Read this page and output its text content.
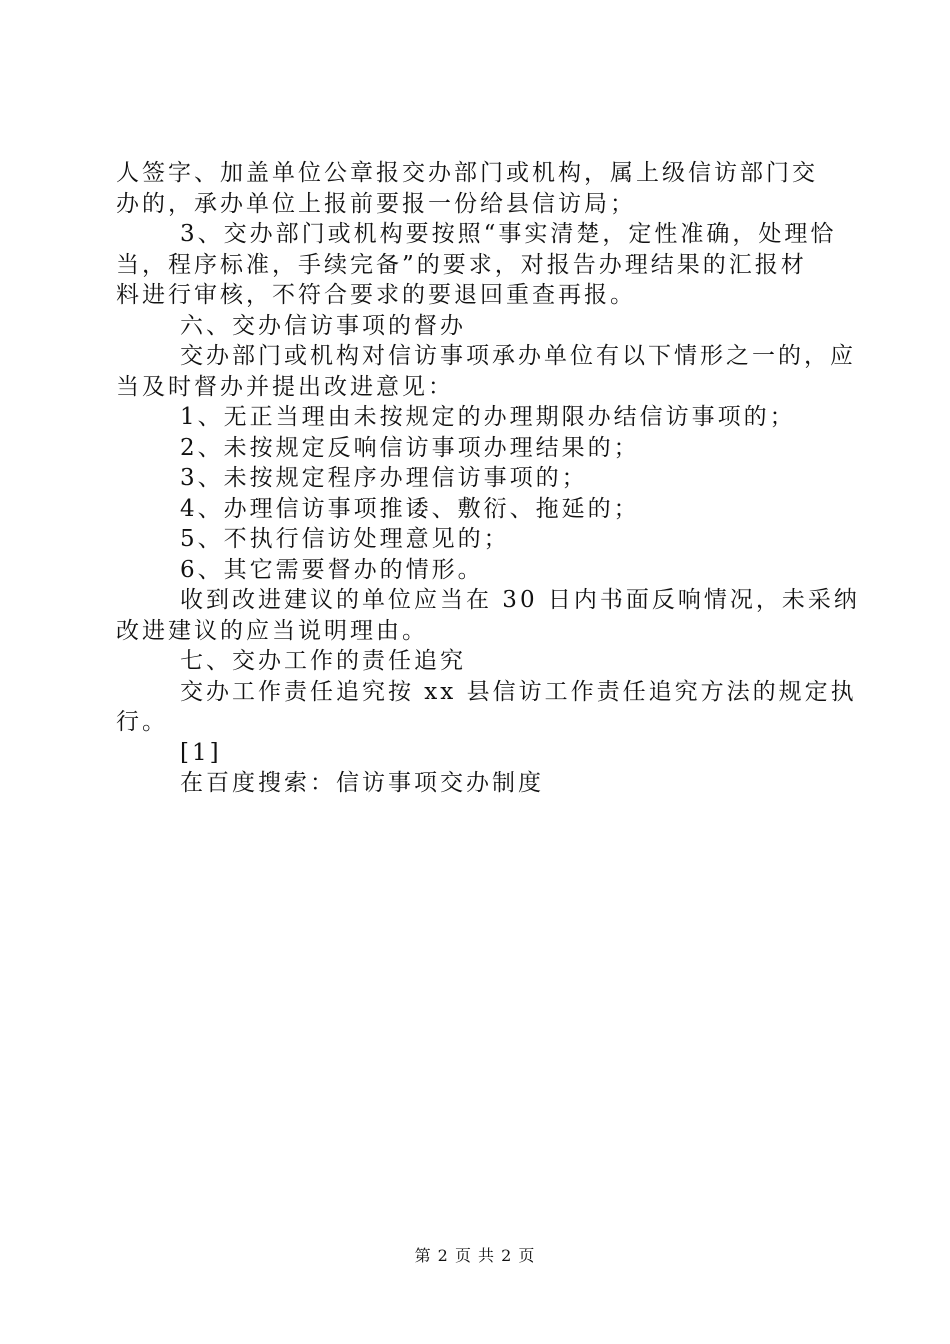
人签字、加盖单位公章报交办部门或机构，属上级信访部门交
办的，承办单位上报前要报一份给县信访局；
3、交办部门或机构要按照“事实清楚，定性准确，处理恰
当，程序标准，手续完备”的要求，对报告办理结果的汇报材
料进行审核，不符合要求的要退回重查再报。
六、交办信访事项的督办
交办部门或机构对信访事项承办单位有以下情形之一的，应
当及时督办并提出改进意见：
1、无正当理由未按规定的办理期限办结信访事项的；
2、未按规定反响信访事项办理结果的；
3、未按规定程序办理信访事项的；
4、办理信访事项推诿、敷衍、拖延的；
5、不执行信访处理意见的；
6、其它需要督办的情形。
收到改进建议的单位应当在 30 日内书面反响情况，未采纳
改进建议的应当说明理由。
七、交办工作的责任追究
交办工作责任追究按 xx 县信访工作责任追究方法的规定执
行。
[1]
在百度搜索：信访事项交办制度
第 2 页 共 2 页
